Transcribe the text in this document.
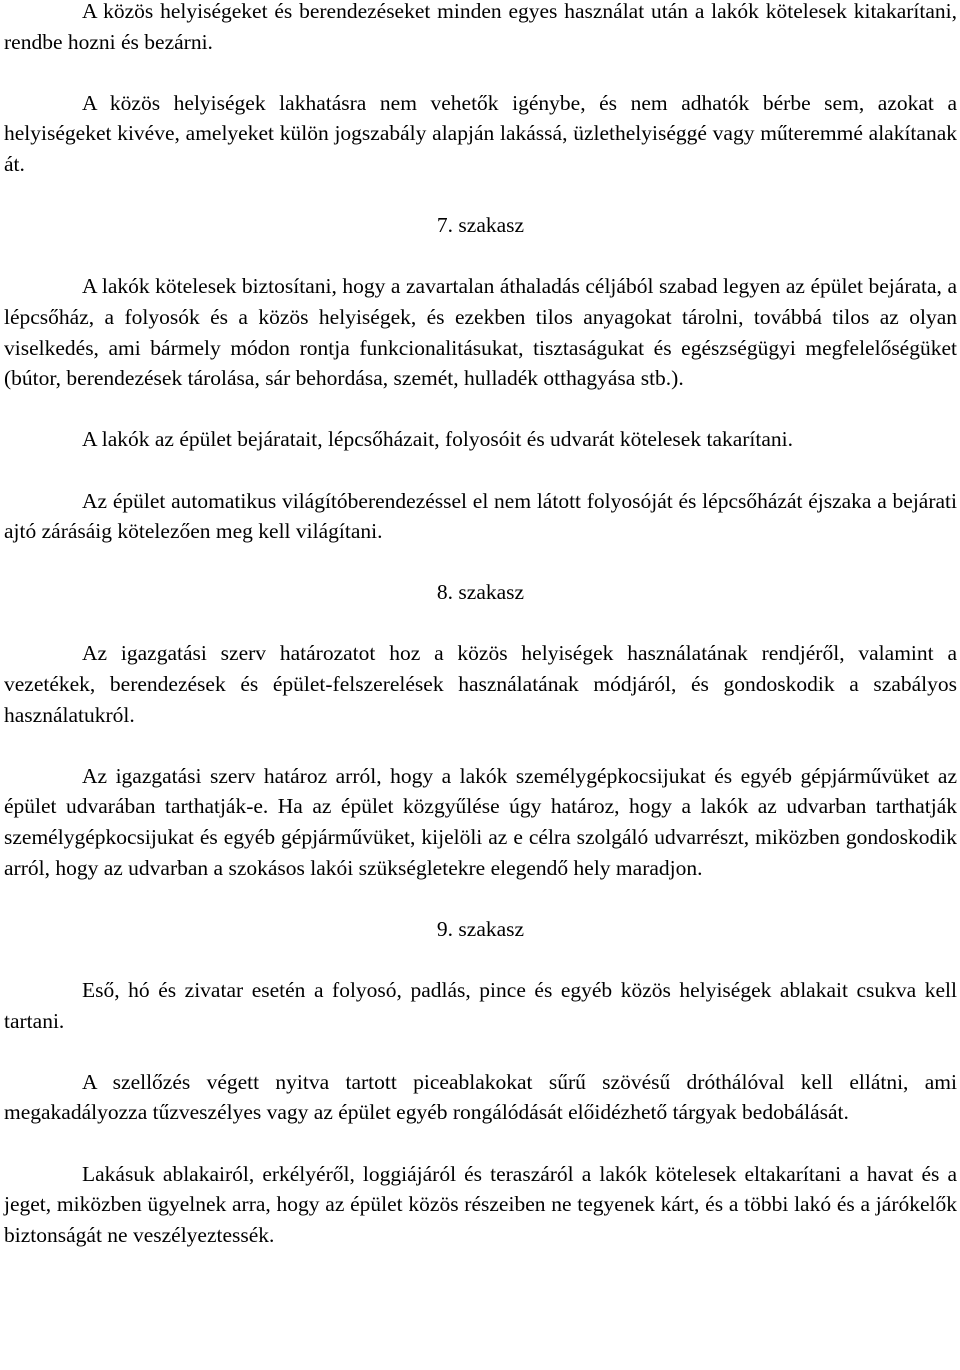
A közös helyiségeket és berendezéseket minden egyes használat után a lakók kötelesek kitakarítani, rendbe hozni és bezárni.

A közös helyiségek lakhatásra nem vehetők igénybe, és nem adhatók bérbe sem, azokat a helyiségeket kivéve, amelyeket külön jogszabály alapján lakássá, üzlethelyiséggé vagy műteremmé alakítanak át.

7. szakasz

A lakók kötelesek biztosítani, hogy a zavartalan áthaladás céljából szabad legyen az épület bejárata, a lépcsőház, a folyosók és a közös helyiségek, és ezekben tilos anyagokat tárolni, továbbá tilos az olyan viselkedés, ami bármely módon rontja funkcionalitásukat, tisztaságukat és egészségügyi megfelelőségüket (bútor, berendezések tárolása, sár behordása, szemét, hulladék otthagyása stb.).

A lakók az épület bejáratait, lépcsőházait, folyosóit és udvarát kötelesek takarítani.

Az épület automatikus világítóberendezéssel el nem látott folyosóját és lépcsőházát éjszaka a bejárati ajtó zárásáig kötelezően meg kell világítani.

8. szakasz

Az igazgatási szerv határozatot hoz a közös helyiségek használatának rendjéről, valamint a vezetékek, berendezések és épület-felszerelések használatának módjáról, és gondoskodik a szabályos használatukról.

Az igazgatási szerv határoz arról, hogy a lakók személygépkocsijukat és egyéb gépjárművüket az épület udvarában tarthatják-e. Ha az épület közgyűlése úgy határoz, hogy a lakók az udvarban tarthatják személygépkocsijukat és egyéb gépjárművüket, kijelöli az e célra szolgáló udvarrészt, miközben gondoskodik arról, hogy az udvarban a szokásos lakói szükségletekre elegendő hely maradjon.

9. szakasz

Eső, hó és zivatar esetén a folyosó, padlás, pince és egyéb közös helyiségek ablakait csukva kell tartani.

A szellőzés végett nyitva tartott piceablakokat sűrű szövésű dróthálóval kell ellátni, ami megakadályozza tűzveszélyes vagy az épület egyéb rongálódását előidézhető tárgyak bedobálását.

Lakásuk ablakairól, erkélyéről, loggiájáról és teraszáról a lakók kötelesek eltakarítani a havat és a jeget, miközben ügyelnek arra, hogy az épület közös részeiben ne tegyenek kárt, és a többi lakó és a járókelők biztonságát ne veszélyeztessék.
